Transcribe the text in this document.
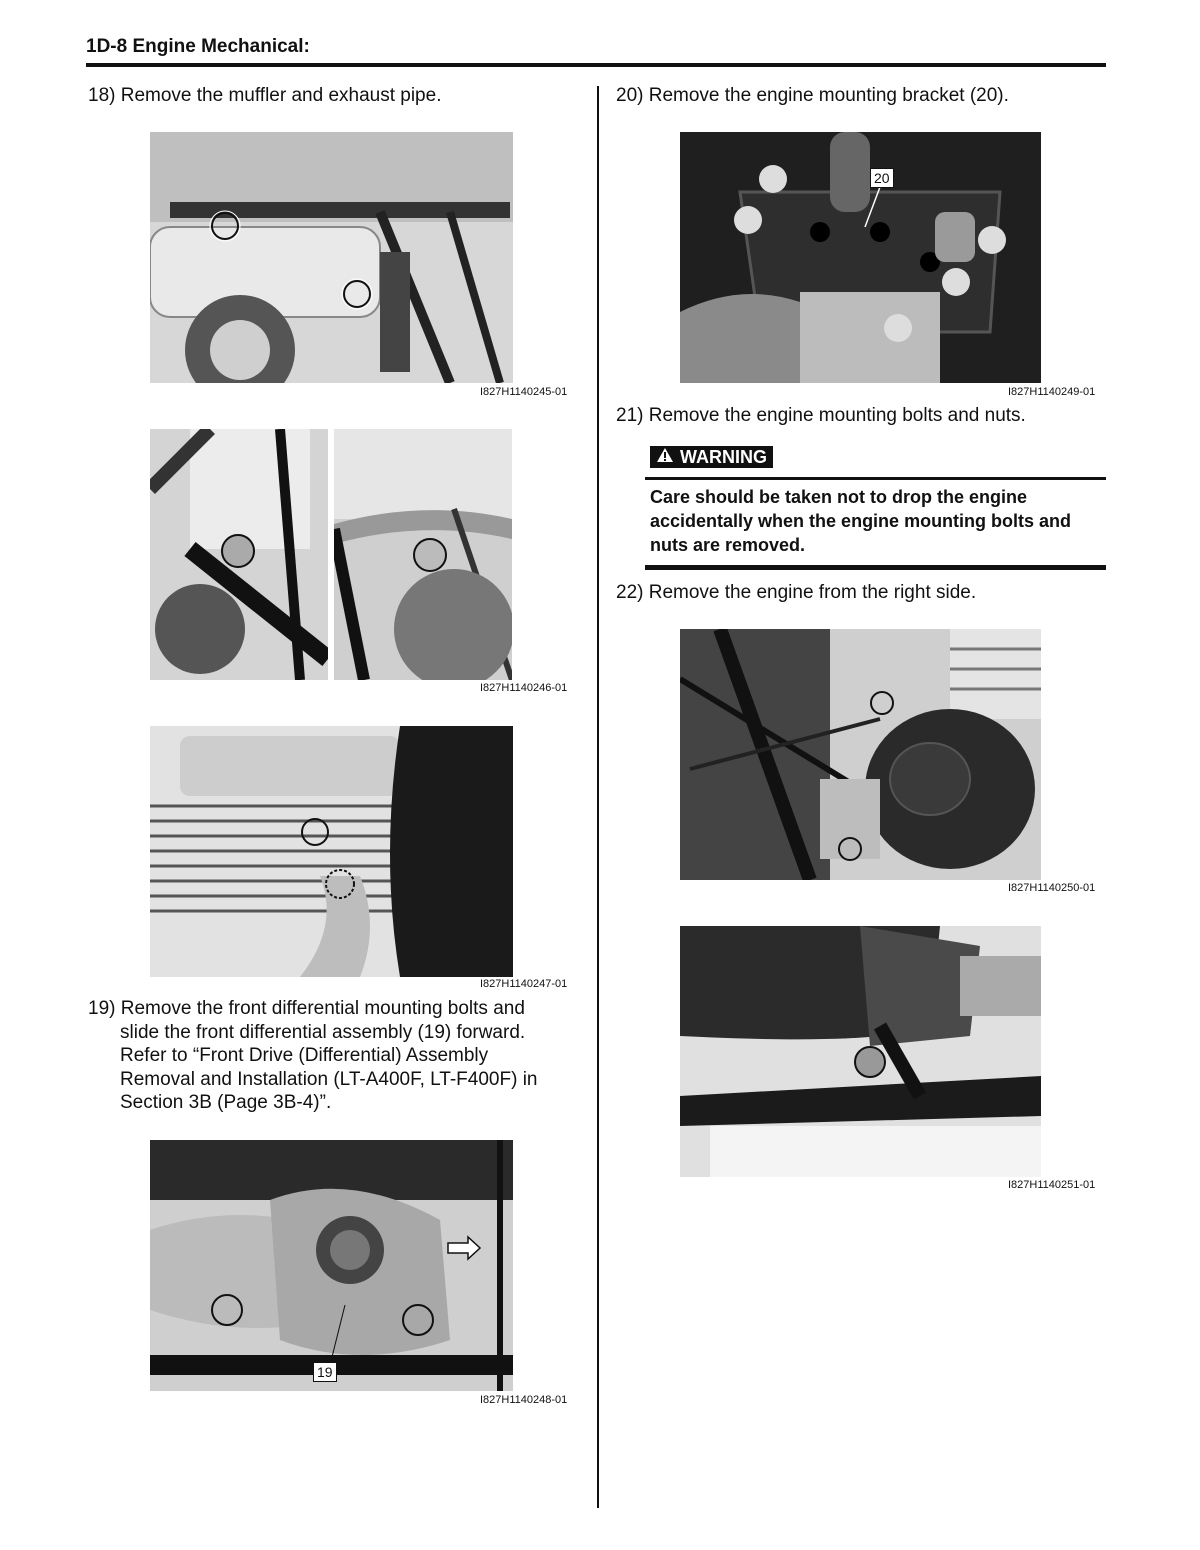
1D-8 Engine Mechanical:
18) Remove the muffler and exhaust pipe.
I827H1140245-01
I827H1140246-01
I827H1140247-01
19) Remove the front differential mounting bolts and
slide the front differential assembly (19) forward.
Refer to “Front Drive (Differential) Assembly
Removal and Installation (LT-A400F, LT-F400F) in
Section 3B (Page 3B-4)”.
19
I827H1140248-01
20) Remove the engine mounting bracket (20).
20
I827H1140249-01
21) Remove the engine mounting bolts and nuts.
WARNING
Care should be taken not to drop the engine accidentally when the engine mounting bolts and nuts are removed.
22) Remove the engine from the right side.
I827H1140250-01
I827H1140251-01
